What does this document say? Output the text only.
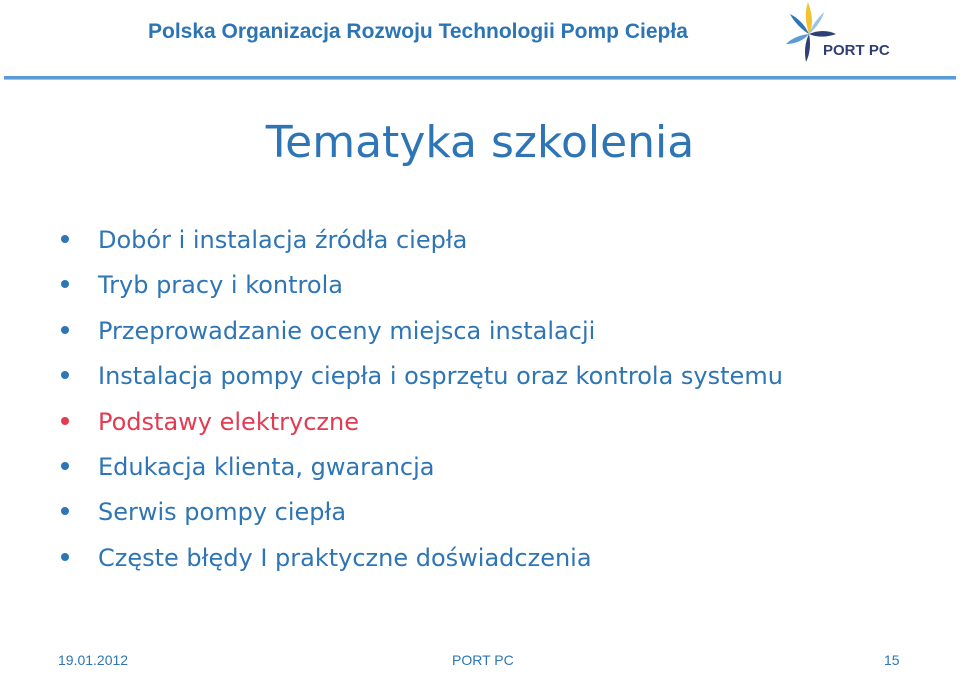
Polska Organizacja Rozwoju Technologii Pomp Ciepła
PORT PC
Tematyka szkolenia
Dobór i instalacja źródła ciepła
Tryb pracy i kontrola
Przeprowadzanie oceny miejsca instalacji
Instalacja pompy ciepła i osprzętu oraz kontrola systemu
Podstawy elektryczne
Edukacja klienta, gwarancja
Serwis pompy ciepła
Częste błędy I praktyczne doświadczenia
19.01.2012	PORT PC	15
